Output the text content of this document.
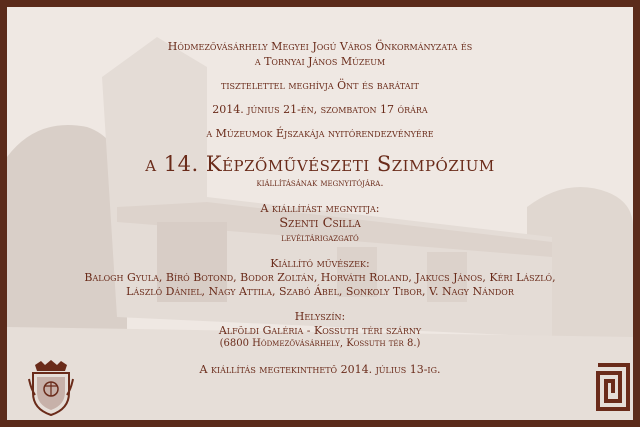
Hódmezővásárhely Megyei Jogú Város Önkormányzata és
a Tornyai János Múzeum
tisztelettel meghívja Önt és barátait
2014. június 21-én, szombaton 17 órára
a Múzeumok Éjszakája nyitórendezvényére
a 14. Képzőművészeti Szimpózium
kiállításának megnyitójára.
A kiállítást megnyitja:
Szenti Csilla
levéltárigazgató
Kiállító művészek:
Balogh Gyula, Bíró Botond, Bodor Zoltán, Horváth Roland, Jakucs János, Kéri László,
László Dániel, Nagy Attila, Szabó Ábel, Sonkoly Tibor, V. Nagy Nándor
Helyszín:
Alföldi Galéria - Kossuth téri szárny
(6800 Hódmezővásárhely, Kossuth tér 8.)
A kiállítás megtekinthető 2014. július 13-ig.
